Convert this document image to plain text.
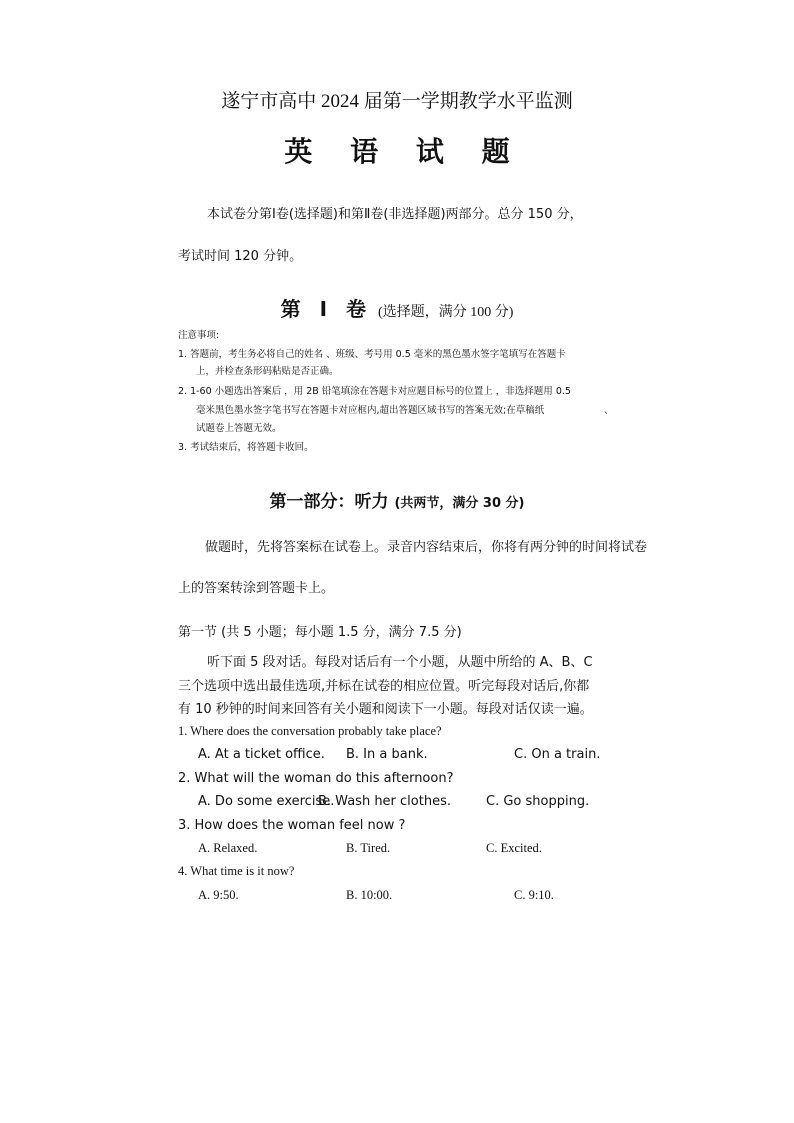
遂宁市高中 2024 届第一学期教学水平监测
英 语 试 题
本试卷分第Ⅰ卷(选择题)和第Ⅱ卷(非选择题)两部分。总分 150 分，
考试时间 120 分钟。
第 Ⅰ 卷 (选择题，满分 100 分)
注意事项:
1. 答题前，考生务必将自己的姓名 、班级、考号用 0.5 毫米的黑色墨水签字笔填写在答题卡
上，并检查条形码粘贴是否正确。
2. 1-60 小题选出答案后 ，用 2B 铅笔填涂在答题卡对应题目标号的位置上 ，非选择题用 0.5
毫米黑色墨水签字笔书写在答题卡对应框内,超出答题区域书写的答案无效;在草稿纸	、
试题卷上答题无效。
3. 考试结束后，将答题卡收回。
第一部分：听力 (共两节，满分 30 分)
做题时，先将答案标在试卷上。录音内容结束后，你将有两分钟的时间将试卷
上的答案转涂到答题卡上。
第一节 (共 5 小题；每小题 1.5 分，满分 7.5 分)
听下面 5 段对话。每段对话后有一个小题，从题中所给的 A、B、C
三个选项中选出最佳选项,并标在试卷的相应位置。听完每段对话后,你都
有 10 秒钟的时间来回答有关小题和阅读下一小题。每段对话仅读一遍。
1. Where does the conversation probably take place?
A. At a ticket office. B. In a bank.	C. On a train.
2. What will the woman do this afternoon?
A. Do some exercise.
B. Wash her clothes.	C. Go shopping.
3. How does the woman feel now ?
A. Relaxed.	B. Tired.	C. Excited.
4. What time is it now?
A. 9:50.	B. 10:00.	C. 9:10.
